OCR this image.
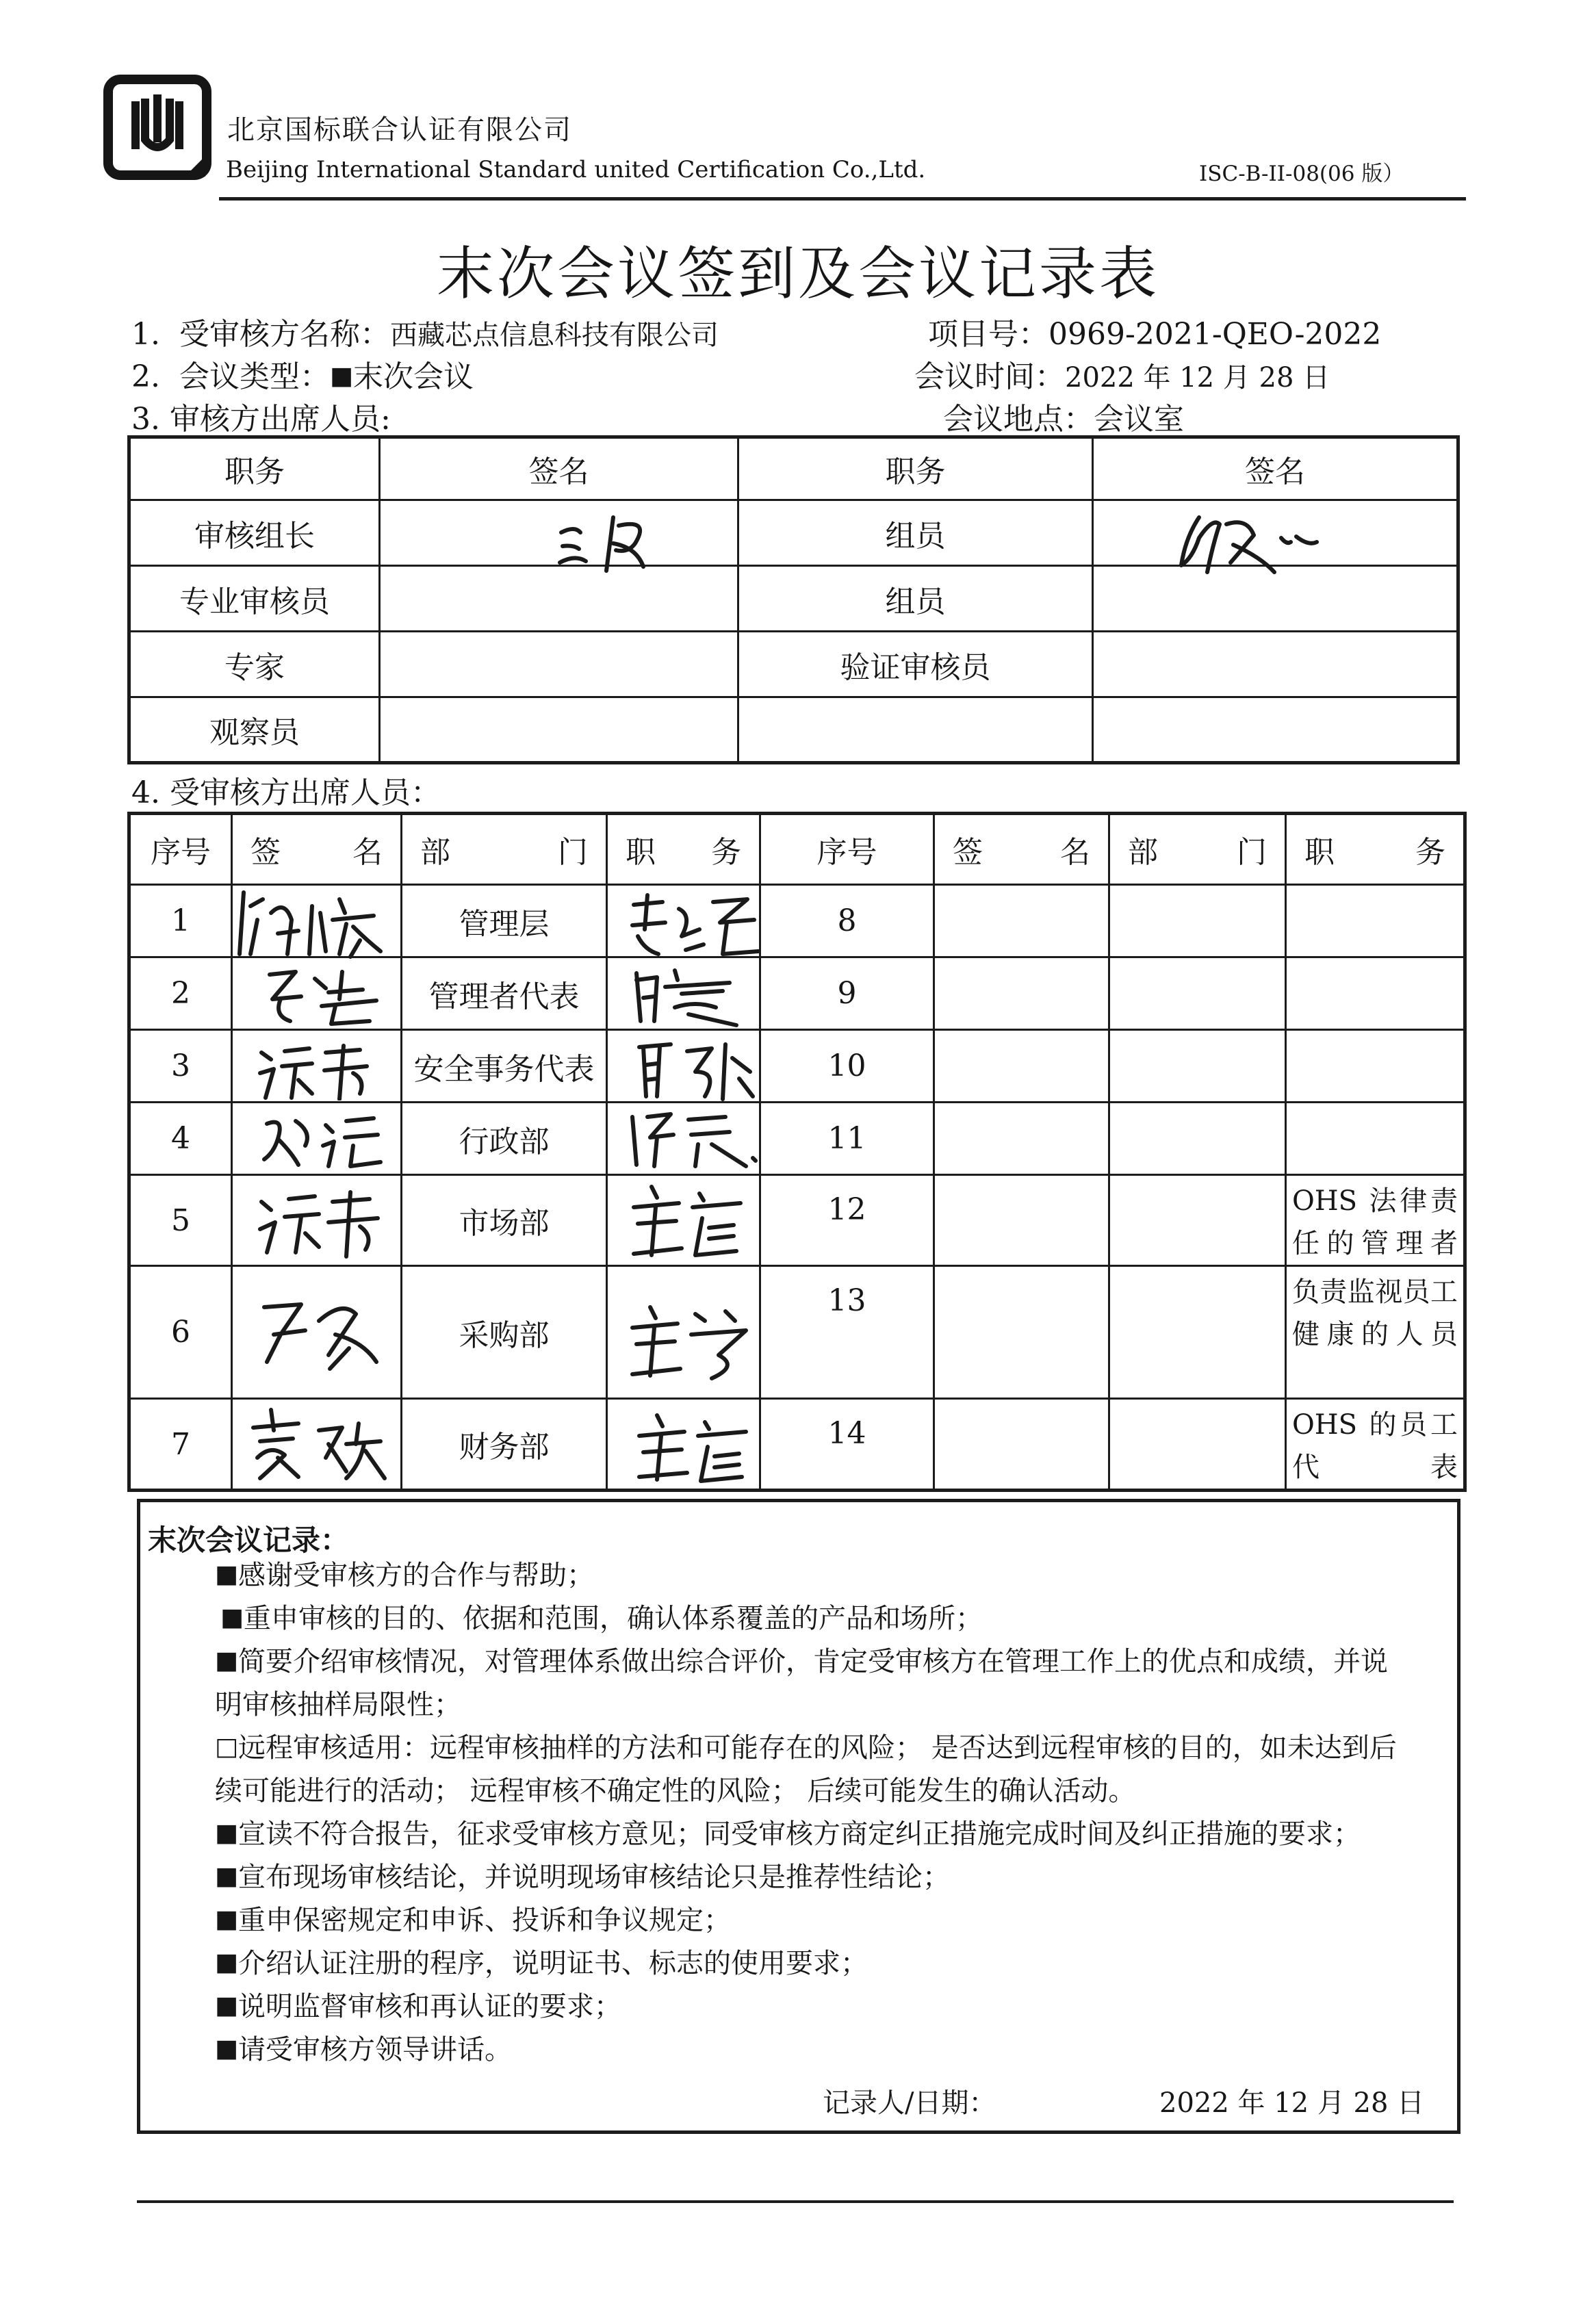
北京国标联合认证有限公司
Beijing International Standard united Certification Co.,Ltd.	ISC-B-II-08(06 版）
末次会议签到及会议记录表
1.  受审核方名称：西藏芯点信息科技有限公司	项目号：0969-2021-QEO-2022
2.  会议类型：■末次会议	会议时间：2022 年 12 月 28 日
3. 审核方出席人员:	会议地点：会议室
职务	签名	职务	签名
审核组长		组员	
专业审核员		组员	
专家		验证审核员	
观察员			
4. 受审核方出席人员：
序号	签 名	部 门	职 务	序号	签 名	部 门	职 务

1		管理层		8			
2		管理者代表		9			
3		安全事务代表		10			
4		行政部		11			
5		市场部		12			OHS 法律责任的管理者
6		采购部		13			负责监视员工健康的人员
7		财务部		14			OHS 的员工代表
末次会议记录：
■感谢受审核方的合作与帮助；
■重申审核的目的、依据和范围，确认体系覆盖的产品和场所；
■简要介绍审核情况，对管理体系做出综合评价，肯定受审核方在管理工作上的优点和成绩，并说
明审核抽样局限性；
□远程审核适用：远程审核抽样的方法和可能存在的风险； 是否达到远程审核的目的，如未达到后
续可能进行的活动； 远程审核不确定性的风险； 后续可能发生的确认活动。
■宣读不符合报告，征求受审核方意见；同受审核方商定纠正措施完成时间及纠正措施的要求；
■宣布现场审核结论，并说明现场审核结论只是推荐性结论；
■重申保密规定和申诉、投诉和争议规定；
■介绍认证注册的程序，说明证书、标志的使用要求；
■说明监督审核和再认证的要求；
■请受审核方领导讲话。
记录人/日期：	2022 年 12 月 28 日
